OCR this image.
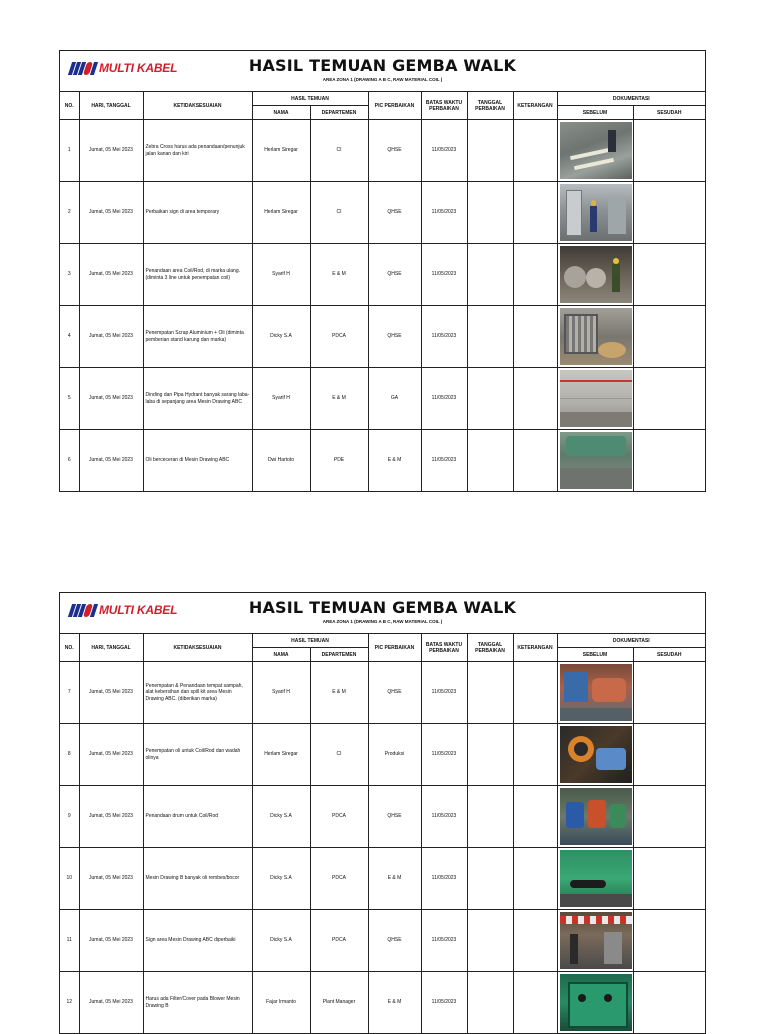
MULTI KABEL	HASIL TEMUAN GEMBA WALK
AREA ZONA 1 (DRAWING A B C, RAW MATERIAL COIL )
NO.	HARI, TANGGAL	KETIDAKSESUAIAN	HASIL TEMUAN		PIC PERBAIKAN	BATAS WAKTU PERBAIKAN	TANGGAL PERBAIKAN	KETERANGAN	DOKUMENTASI	
			NAMA	DEPARTEMEN					SEBELUM	SESUDAH
1	Jumat, 05 Mei 2023	Zebra Cross harus ada penandaan/penunjuk jalan kanan dan kiri	Herlam Siregar	CI	QHSE	11/05/2023			

2	Jumat, 05 Mei 2023	Perbaikan sign di area temporary	Herlam Siregar	CI	QHSE	11/05/2023			

3	Jumat, 05 Mei 2023	Penandaan area Coil/Rod, di marka ulang. (diminta 3 line untuk penempatan coil)	Syarif H	E & M	QHSE	11/05/2023			

4	Jumat, 05 Mei 2023	Penempatan Scrap Aluminium + Oli (diminta pemberian stand karung dan marka)	Dicky S.A	PDCA	QHSE	11/05/2023			

5	Jumat, 05 Mei 2023	Dinding dan Pipa Hydrant banyak sarang laba-laba di sepanjang area Mesin Drawing ABC	Syarif H	E & M	GA	11/05/2023			

6	Jumat, 05 Mei 2023	Oli berceceran di Mesin Drawing ABC	Dwi Hartoto	PDE	E & M	11/05/2023			

MULTI KABEL	HASIL TEMUAN GEMBA WALK
AREA ZONA 1 (DRAWING A B C, RAW MATERIAL COIL )
NO.	HARI, TANGGAL	KETIDAKSESUAIAN	HASIL TEMUAN		PIC PERBAIKAN	BATAS WAKTU PERBAIKAN	TANGGAL PERBAIKAN	KETERANGAN	DOKUMENTASI	
			NAMA	DEPARTEMEN					SEBELUM	SESUDAH
7	Jumat, 05 Mei 2023	Penempatan & Penandaan tempat sampah, alat kebersihan dan spill kit area Mesin Drawing ABC. (diberikan marka)	Syarif H	E & M	QHSE	11/05/2023			

8	Jumat, 05 Mei 2023	Penempatan oli untuk Coil/Rod dan wadah olinya	Herlam Siregar	CI	Produksi	11/05/2023			

9	Jumat, 05 Mei 2023	Penandaan drum untuk Coil/Rod	Dicky S.A	PDCA	QHSE	11/05/2023			

10	Jumat, 05 Mei 2023	Mesin Drawing B banyak oli rembes/bocor	Dicky S.A	PDCA	E & M	11/05/2023			

11	Jumat, 05 Mei 2023	Sign area Mesin Drawing ABC diperbaiki	Dicky S.A	PDCA	QHSE	11/05/2023			

12	Jumat, 05 Mei 2023	Harus ada Filter/Cover pada Blower Mesin Drawing B	Fajar Irmanto	Plant Manager	E & M	11/05/2023			
